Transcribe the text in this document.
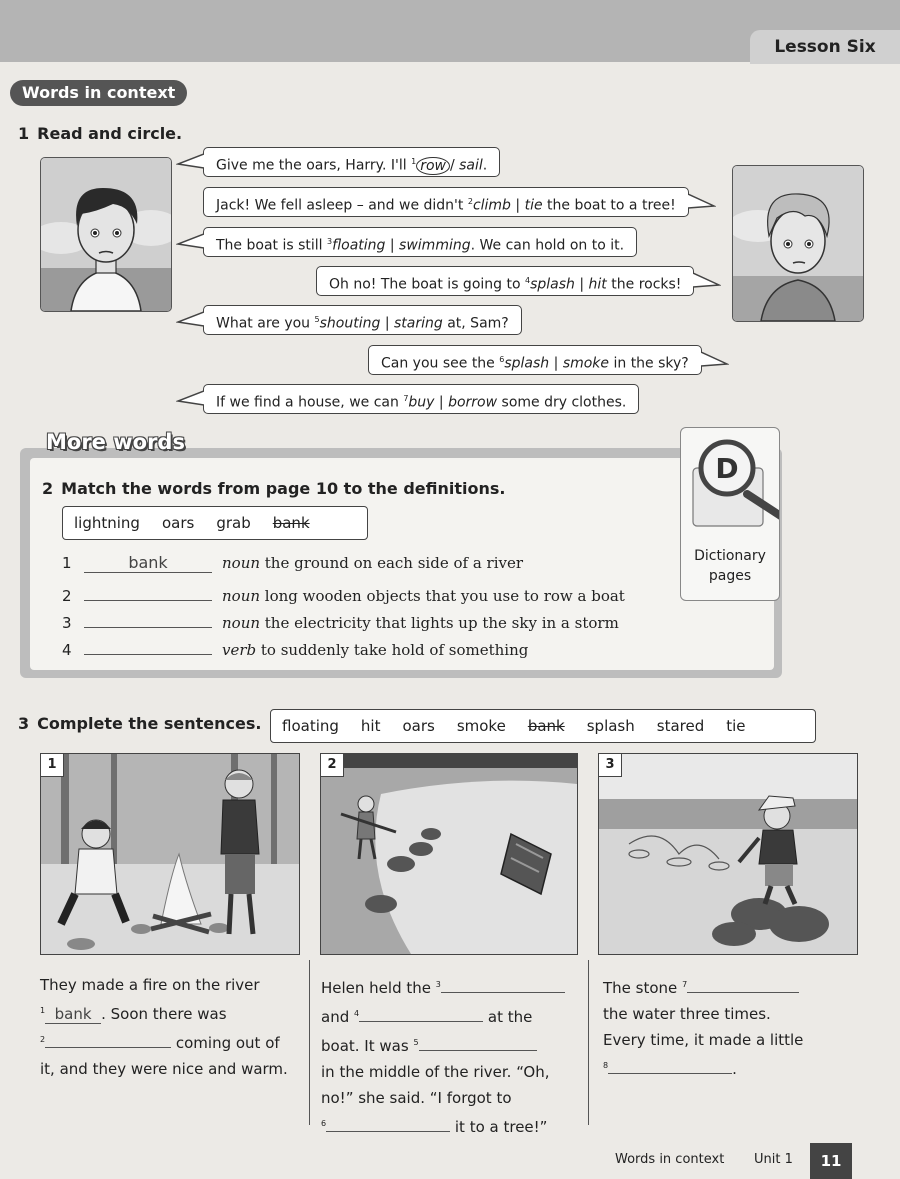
Lesson Six
Words in context
1 Read and circle.
Give me the oars, Harry. I'll $^1$ row / sail.
Jack! We fell asleep – and we didn't $^2$climb | tie the boat to a tree!
The boat is still $^3$floating | swimming. We can hold on to it.
Oh no! The boat is going to $^4$splash | hit the rocks!
What are you $^5$shouting | staring at, Sam?
Can you see the $^6$splash | smoke in the sky?
If we find a house, we can $^7$buy | borrow some dry clothes.
More words
2 Match the words from page 10 to the definitions.
lightning oars grab bank
1	bank	noun the ground on each side of a river
2	noun long wooden objects that you use to row a boat
3	noun the electricity that lights up the sky in a storm
4	verb to suddenly take hold of something
D
Dictionary
pages
3 Complete the sentences.	floating hit oars smoke bank splash stared tie
1	2	3
They made a fire on the river
$^1$ bank . Soon there was
$^2$	coming out of
it, and they were nice and warm.
Helen held the $^3$
and $^4$	at the
boat. It was $^5$
in the middle of the river. “Oh,
no!” she said. “I forgot to
$^6$	it to a tree!”
The stone $^7$
the water three times.
Every time, it made a little
$^8$	.
Words in context Unit 1	11
